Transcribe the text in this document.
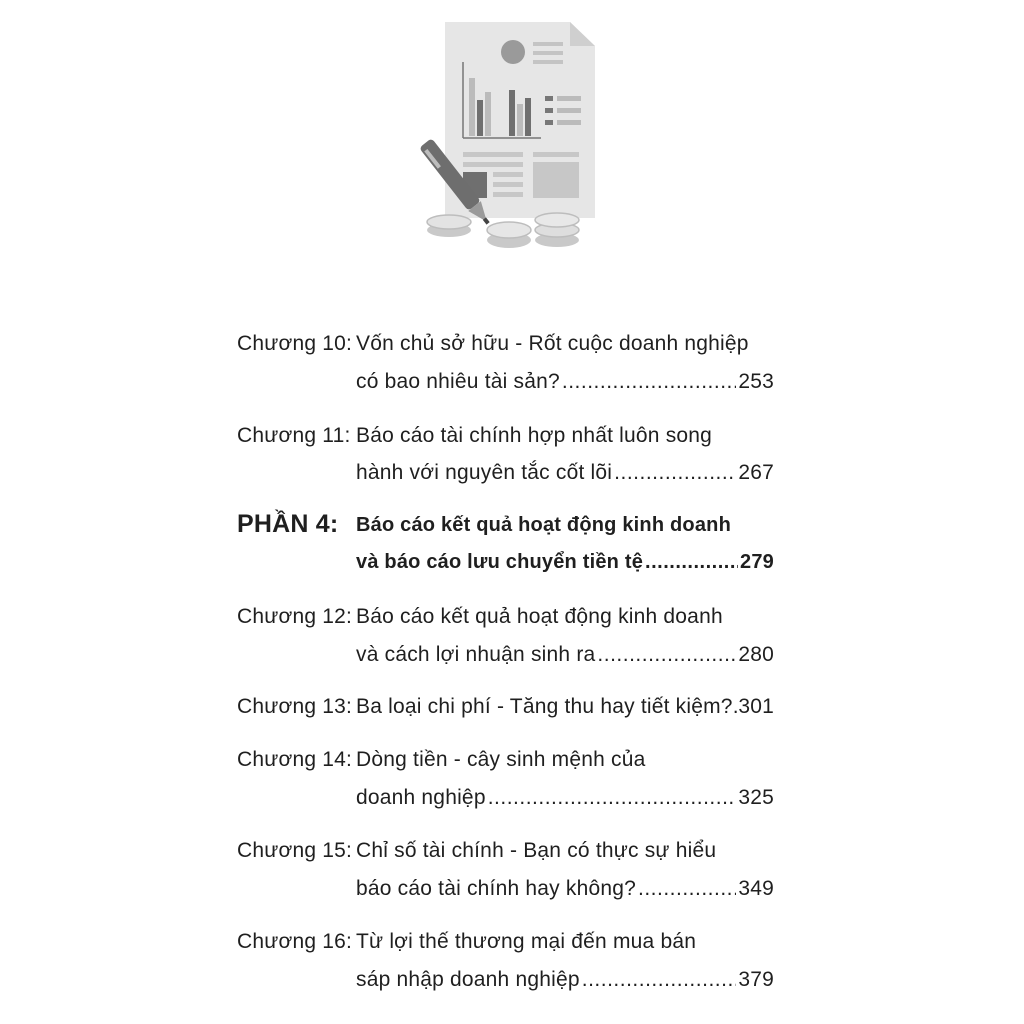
Chương 10: Vốn chủ sở hữu - Rốt cuộc doanh nghiệp
có bao nhiêu tài sản? .....	253
Chương 11: Báo cáo tài chính hợp nhất luôn song
hành với nguyên tắc cốt lõi .....	267
PHẦN 4: Báo cáo kết quả hoạt động kinh doanh
và báo cáo lưu chuyển tiền tệ .....	279
Chương 12: Báo cáo kết quả hoạt động kinh doanh
và cách lợi nhuận sinh ra .....	280
Chương 13: Ba loại chi phí - Tăng thu hay tiết kiệm? ..... 301
Chương 14: Dòng tiền - cây sinh mệnh của
doanh nghiệp .....	325
Chương 15: Chỉ số tài chính - Bạn có thực sự hiểu
báo cáo tài chính hay không? .....	349
Chương 16: Từ lợi thế thương mại đến mua bán
sáp nhập doanh nghiệp .....	379
